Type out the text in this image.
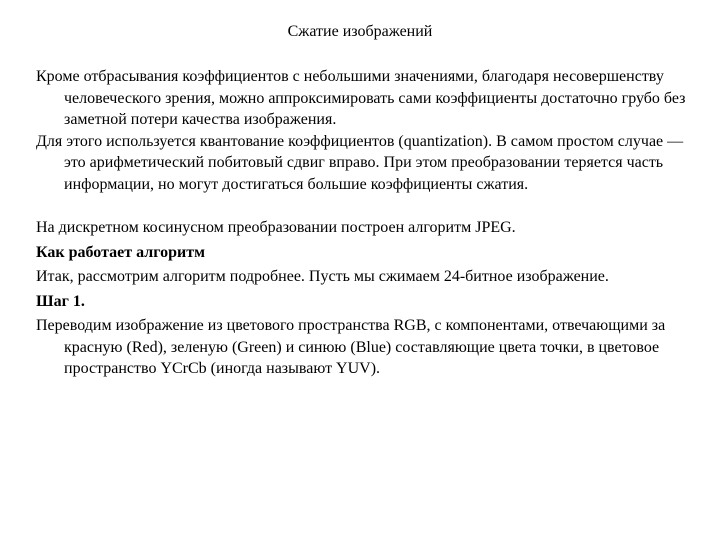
Сжатие изображений

Кроме отбрасывания коэффициентов с небольшими значениями, благодаря несовершенству человеческого зрения, можно аппроксимировать сами коэффициенты достаточно грубо без заметной потери качества изображения.

Для этого используется квантование коэффициентов (quantization). В самом простом случае — это арифметический побитовый сдвиг вправо. При этом преобразовании теряется часть информации, но могут достигаться большие коэффициенты сжатия.

На дискретном косинусном преобразовании построен алгоритм JPEG.

Как работает алгоритм

Итак, рассмотрим алгоритм подробнее. Пусть мы сжимаем 24-битное изображение.

Шаг 1.

Переводим изображение из цветового пространства RGB, с компонентами, отвечающими за красную (Red), зеленую (Green) и синюю (Blue) составляющие цвета точки, в цветовое пространство YCrCb (иногда называют YUV).
